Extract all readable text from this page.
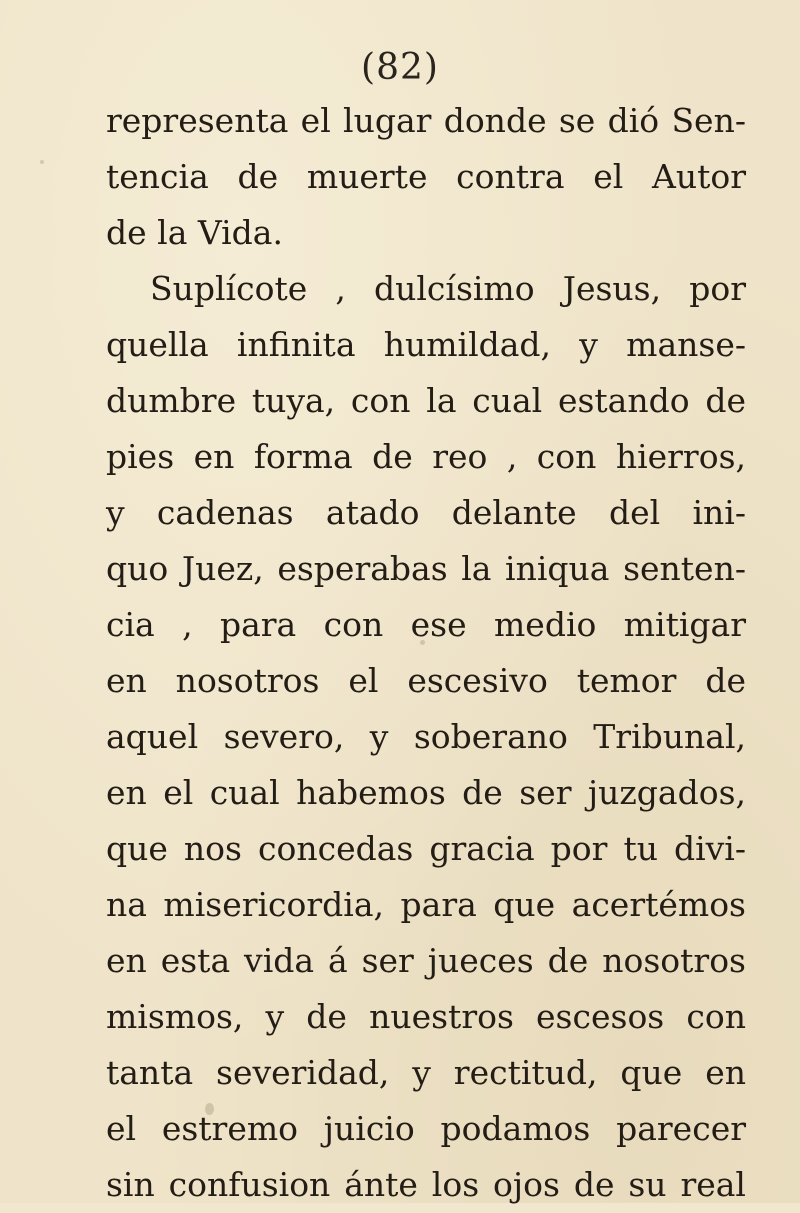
(82)
representa el lugar donde se dió Sen-
tencia de muerte contra el Autor
de la Vida.
Suplícote , dulcísimo Jesus, por
quella infinita humildad, y manse-
dumbre tuya, con la cual estando de
pies en forma de reo , con hierros,
y cadenas atado delante del ini-
quo Juez, esperabas la iniqua senten-
cia , para con ese medio mitigar
en nosotros el escesivo temor de
aquel severo, y soberano Tribunal,
en el cual habemos de ser juzgados,
que nos concedas gracia por tu divi-
na misericordia, para que acertémos
en esta vida á ser jueces de nosotros
mismos, y de nuestros escesos con
tanta severidad, y rectitud, que en
el estremo juicio podamos parecer
sin confusion ánte los ojos de su real
